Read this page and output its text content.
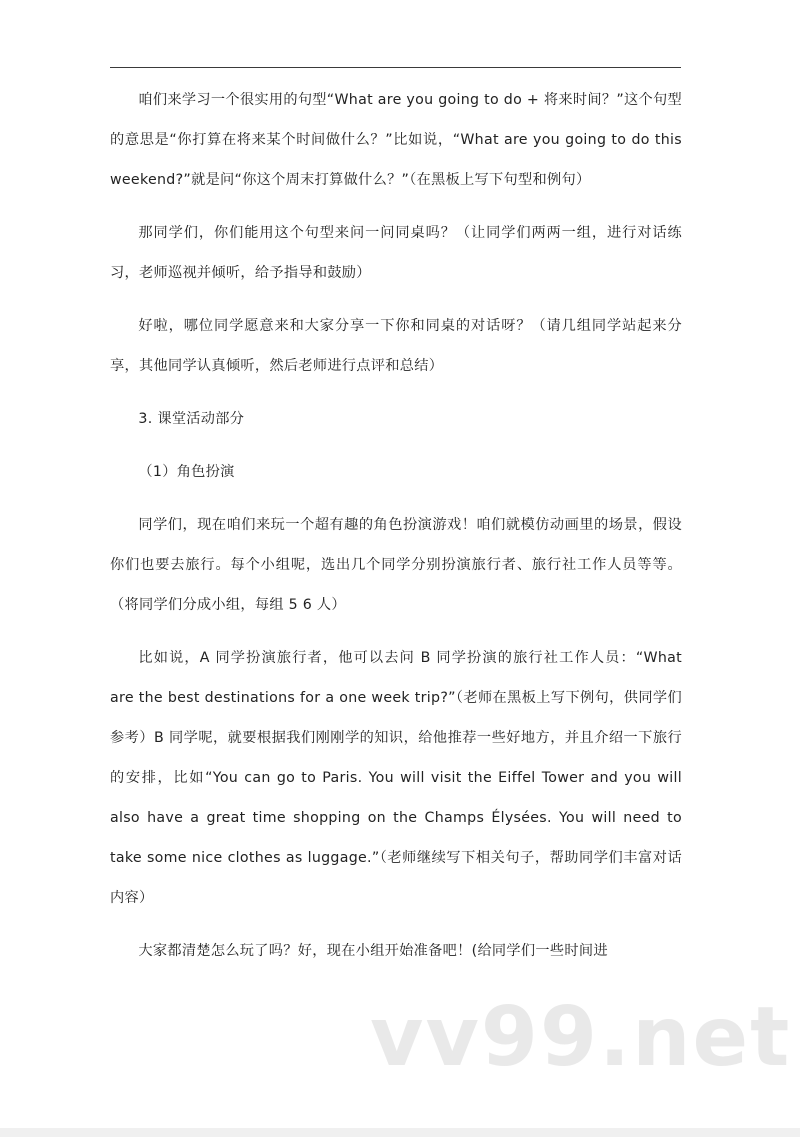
咱们来学习一个很实用的句型“What are you going to do + 将来时间？”这个句型的意思是“你打算在将来某个时间做什么？”比如说，“What are you going to do this weekend?”就是问“你这个周末打算做什么？”（在黑板上写下句型和例句）

那同学们，你们能用这个句型来问一问同桌吗？（让同学们两两一组，进行对话练习，老师巡视并倾听，给予指导和鼓励）

好啦，哪位同学愿意来和大家分享一下你和同桌的对话呀？（请几组同学站起来分享，其他同学认真倾听，然后老师进行点评和总结）

3. 课堂活动部分

（1）角色扮演

同学们，现在咱们来玩一个超有趣的角色扮演游戏！咱们就模仿动画里的场景，假设你们也要去旅行。每个小组呢，选出几个同学分别扮演旅行者、旅行社工作人员等等。（将同学们分成小组，每组 5 6 人）

比如说，A 同学扮演旅行者，他可以去问 B 同学扮演的旅行社工作人员：“What are the best destinations for a one week trip?”（老师在黑板上写下例句，供同学们参考）B 同学呢，就要根据我们刚刚学的知识，给他推荐一些好地方，并且介绍一下旅行的安排，比如“You can go to Paris. You will visit the Eiffel Tower and you will also have a great time shopping on the Champs Élysées. You will need to take some nice clothes as luggage.”（老师继续写下相关句子，帮助同学们丰富对话内容）

大家都清楚怎么玩了吗？好，现在小组开始准备吧！(给同学们一些时间进

vv99.net
